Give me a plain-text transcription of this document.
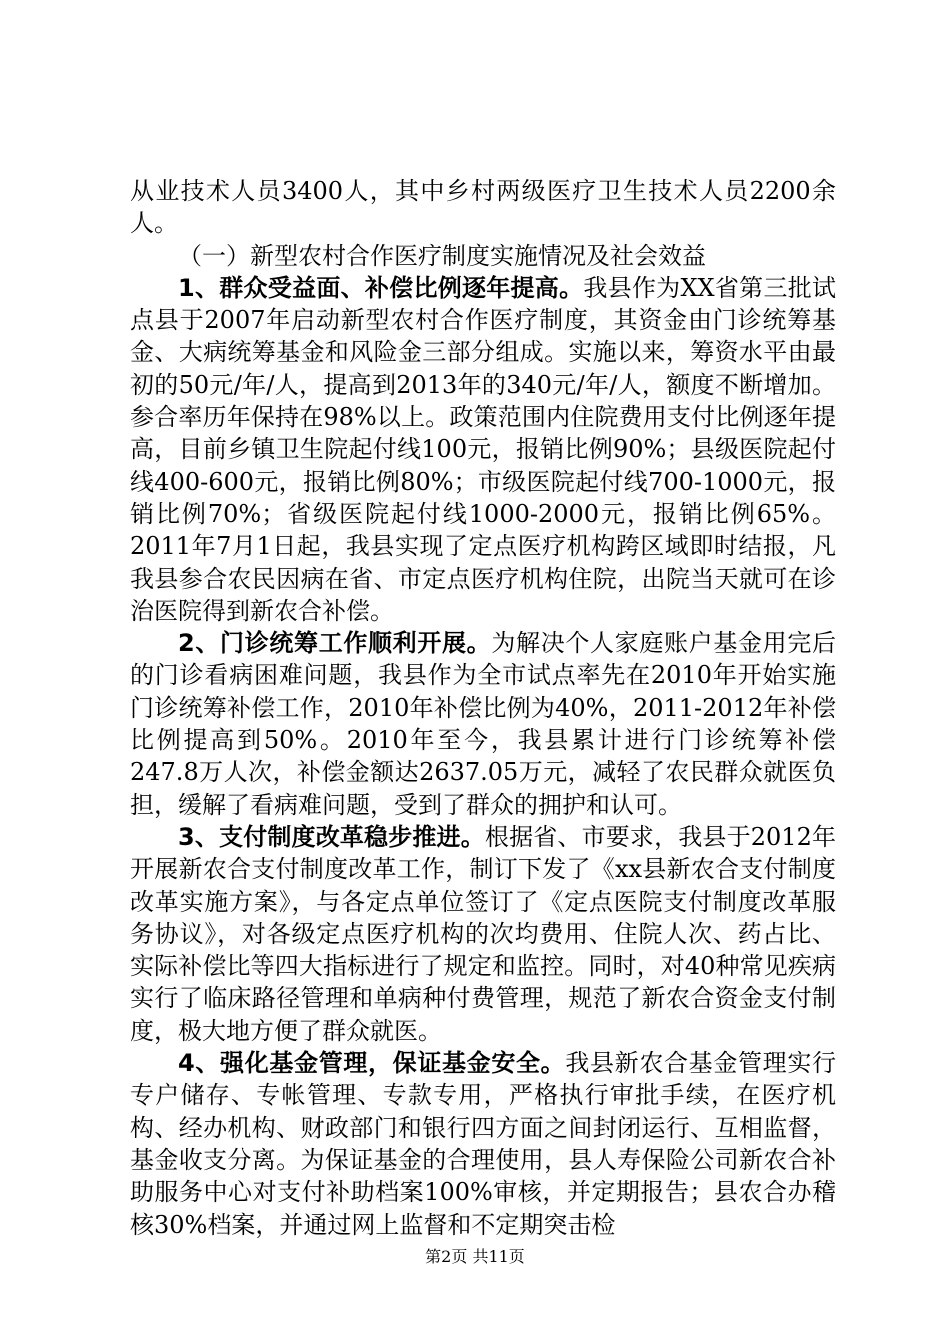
从业技术人员3400人，其中乡村两级医疗卫生技术人员2200余人。

（一）新型农村合作医疗制度实施情况及社会效益

1、群众受益面、补偿比例逐年提高。我县作为XX省第三批试点县于2007年启动新型农村合作医疗制度，其资金由门诊统筹基金、大病统筹基金和风险金三部分组成。实施以来，筹资水平由最初的50元/年/人，提高到2013年的340元/年/人，额度不断增加。参合率历年保持在98%以上。政策范围内住院费用支付比例逐年提高，目前乡镇卫生院起付线100元，报销比例90%；县级医院起付线400-600元，报销比例80%；市级医院起付线700-1000元，报销比例70%；省级医院起付线1000-2000元，报销比例65%。2011年7月1日起，我县实现了定点医疗机构跨区域即时结报，凡我县参合农民因病在省、市定点医疗机构住院，出院当天就可在诊治医院得到新农合补偿。

2、门诊统筹工作顺利开展。为解决个人家庭账户基金用完后的门诊看病困难问题，我县作为全市试点率先在2010年开始实施门诊统筹补偿工作，2010年补偿比例为40%，2011-2012年补偿比例提高到50%。2010年至今，我县累计进行门诊统筹补偿247.8万人次，补偿金额达2637.05万元，减轻了农民群众就医负担，缓解了看病难问题，受到了群众的拥护和认可。

3、支付制度改革稳步推进。根据省、市要求，我县于2012年开展新农合支付制度改革工作，制订下发了《xx县新农合支付制度改革实施方案》，与各定点单位签订了《定点医院支付制度改革服务协议》，对各级定点医疗机构的次均费用、住院人次、药占比、实际补偿比等四大指标进行了规定和监控。同时，对40种常见疾病实行了临床路径管理和单病种付费管理，规范了新农合资金支付制度，极大地方便了群众就医。

4、强化基金管理，保证基金安全。我县新农合基金管理实行专户储存、专帐管理、专款专用，严格执行审批手续，在医疗机构、经办机构、财政部门和银行四方面之间封闭运行、互相监督，基金收支分离。为保证基金的合理使用，县人寿保险公司新农合补助服务中心对支付补助档案100%审核，并定期报告；县农合办稽核30%档案，并通过网上监督和不定期突击检

第2页 共11页
